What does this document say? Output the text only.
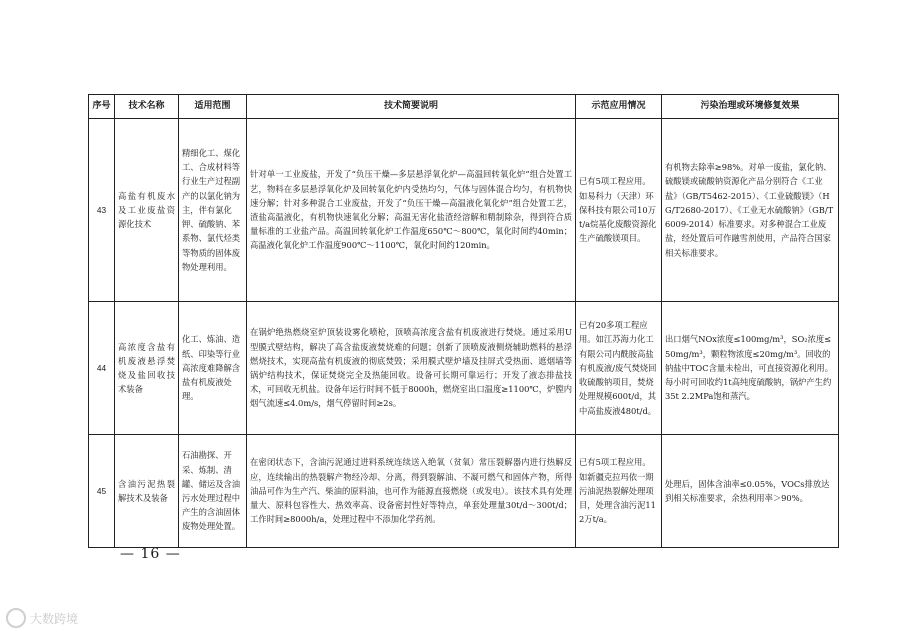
序号	技术名称	适用范围	技术简要说明	示范应用情况	污染治理或环境修复效果
43	高盐有机废水及工业废盐资源化技术	精细化工、煤化工、合成材料等行业生产过程副产的以氯化钠为主，伴有氯化钾、硫酸钠、苯系物、氯代烃类等物质的固体废物处理利用。	针对单一工业废盐，开发了“负压干燥—多层悬浮氧化炉—高温回转氧化炉”组合处置工艺，物料在多层悬浮氧化炉及回转氧化炉内受热均匀，气体与固体混合均匀，有机物快速分解；针对多种混合工业废盐，开发了“负压干燥—高温液化氧化炉”组合处置工艺，渣盐高温液化，有机物快速氧化分解；高温无害化盐渣经溶解和精制除杂，得到符合质量标准的工业盐产品。高温回转氧化炉工作温度650℃～800℃，氧化时间约40min；高温液化氧化炉工作温度900℃～1100℃，氧化时间约120min。	已有5项工程应用。如易科力（天津）环保科技有限公司10万t/a烷基化废酸资源化生产硫酸镁项目。	有机物去除率≥98%。对单一废盐，氯化钠、硫酸镁或硫酸钠资源化产品分别符合《工业盐》（GB/T5462-2015）、《工业硫酸镁》（HG/T2680-2017）、《工业无水硫酸钠》（GB/T 6009-2014）标准要求。对多种混合工业废盐，经处置后可作融雪剂使用，产品符合国家相关标准要求。
44	高浓度含盐有机废液悬浮焚烧及盐回收技术装备	化工、炼油、造纸、印染等行业高浓度难降解含盐有机废液处理。	在锅炉绝热燃烧室炉顶装设雾化喷枪，顶喷高浓度含盐有机废液进行焚烧。通过采用U型膜式壁结构，解决了高含盐废液焚烧难的问题；创新了顶喷废液侧烧辅助燃料的悬浮燃烧技术，实现高盐有机废液的彻底焚毁；采用膜式壁炉墙及挂屏式受热面、遮烟墙等锅炉结构技术，保证焚烧完全及热能回收。设备可长期可靠运行；开发了液态排盐技术，可回收无机盐。设备年运行时间不低于8000h，燃烧室出口温度≥1100℃，炉膛内烟气流速≤4.0m/s，烟气停留时间≥2s。	已有20多项工程应用。如江苏海力化工有限公司内酰胺高盐有机废液/废气焚烧回收硫酸钠项目，焚烧处理规模600t/d，其中高盐废液480t/d。	出口烟气NOx浓度≤100mg/m³，SO₂浓度≤50mg/m³，颗粒物浓度≤20mg/m³。回收的钠盐中TOC含量未检出，可直接资源化利用。每小时可回收约1t高纯度硫酸钠，锅炉产生约35t 2.2MPa饱和蒸汽。
45	含油污泥热裂解技术及装备	石油勘探、开采、炼制、清罐、储运及含油污水处理过程中产生的含油固体废物处理处置。	在密闭状态下，含油污泥通过进料系统连续送入绝氧（贫氧）常压裂解器内进行热解反应，连续输出的热裂解产物经冷却、分离，得到裂解油、不凝可燃气和固体产物，所得油品可作为生产汽、柴油的原料油，也可作为能源直接燃烧（或发电）。该技术具有处理量大、原料包容性大、热效率高、设备密封性好等特点，单套处理量30t/d～300t/d；工作时间≥8000h/a，处理过程中不添加化学药剂。	已有5项工程应用。如新疆克拉玛依一期污油泥热裂解处理项目，处理含油污泥112万t/a。	处理后，固体含油率≤0.05%，VOCs排放达到相关标准要求，余热利用率＞90%。
— 16 —
大数跨境
